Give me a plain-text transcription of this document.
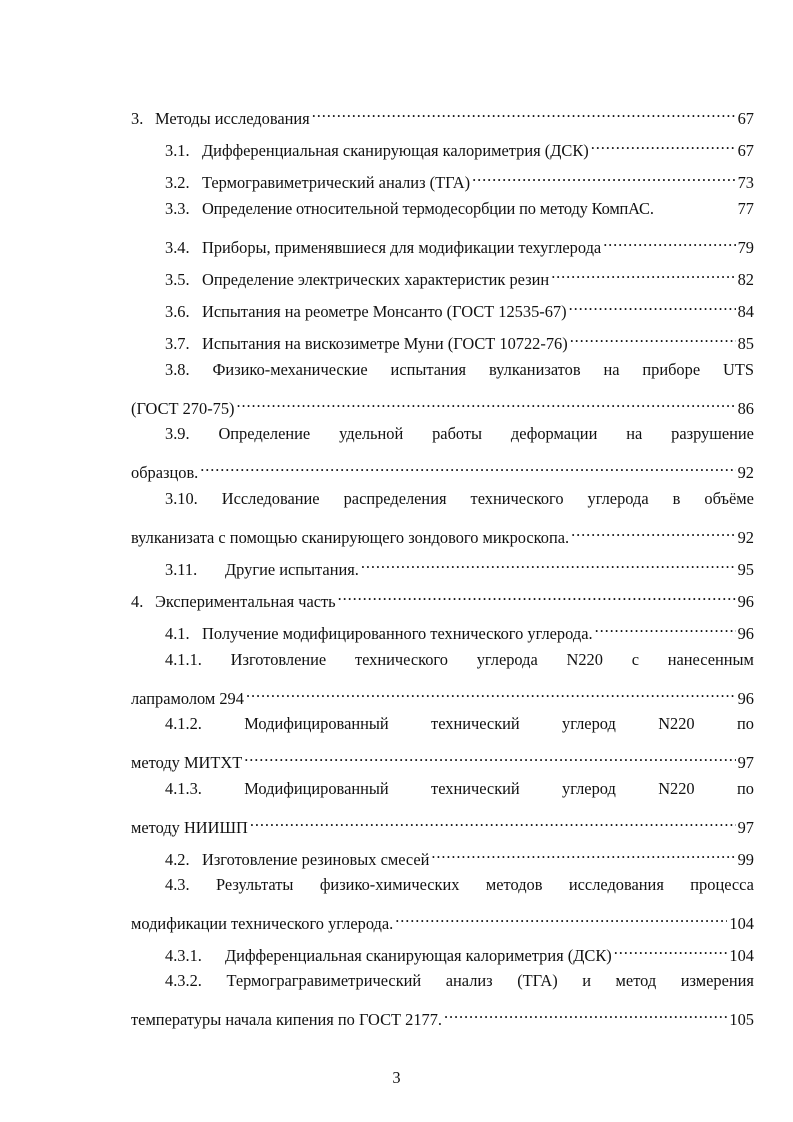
3. Методы исследования . . .	67
3.1. Дифференциальная сканирующая калориметрия (ДСК) . . .	67
3.2. Термогравиметрический анализ (ТГА) . . .	73
3.3. Определение относительной термодесорбции по методу КомпАС.	77
3.4. Приборы, применявшиеся для модификации техуглерода . . .	79
3.5. Определение электрических характеристик резин . . .	82
3.6. Испытания на реометре Монсанто (ГОСТ 12535-67) . . .	84
3.7. Испытания на вискозиметре Муни (ГОСТ 10722-76) . . .	85
3.8. Физико-механические испытания вулканизатов на приборе UTS
(ГОСТ 270-75) . . .	86
3.9. Определение удельной работы деформации на разрушение
образцов. . . .	92
3.10. Исследование распределения технического углерода в объёме
вулканизата с помощью сканирующего зондового микроскопа. . . .	92
3.11.	Другие испытания. . . .	95
4. Экспериментальная часть . . .	96
4.1. Получение модифицированного технического углерода. . . .	96
4.1.1. Изготовление технического углерода N220 с нанесенным
лапрамолом 294 . . .	96
4.1.2.	Модифицированный	технический	углерод	N220	по
методу МИТХТ . . .	97
4.1.3.	Модифицированный	технический	углерод	N220	по
методу НИИШП . . .	97
4.2. Изготовление резиновых смесей . . .	99
4.3. Результаты физико-химических методов исследования процесса
модификации технического углерода. . . .	104
4.3.1.	Дифференциальная сканирующая калориметрия (ДСК) . . .	104
4.3.2. Термограгравиметрический анализ (ТГА) и метод измерения
температуры начала кипения по ГОСТ 2177. . . .	105
3
